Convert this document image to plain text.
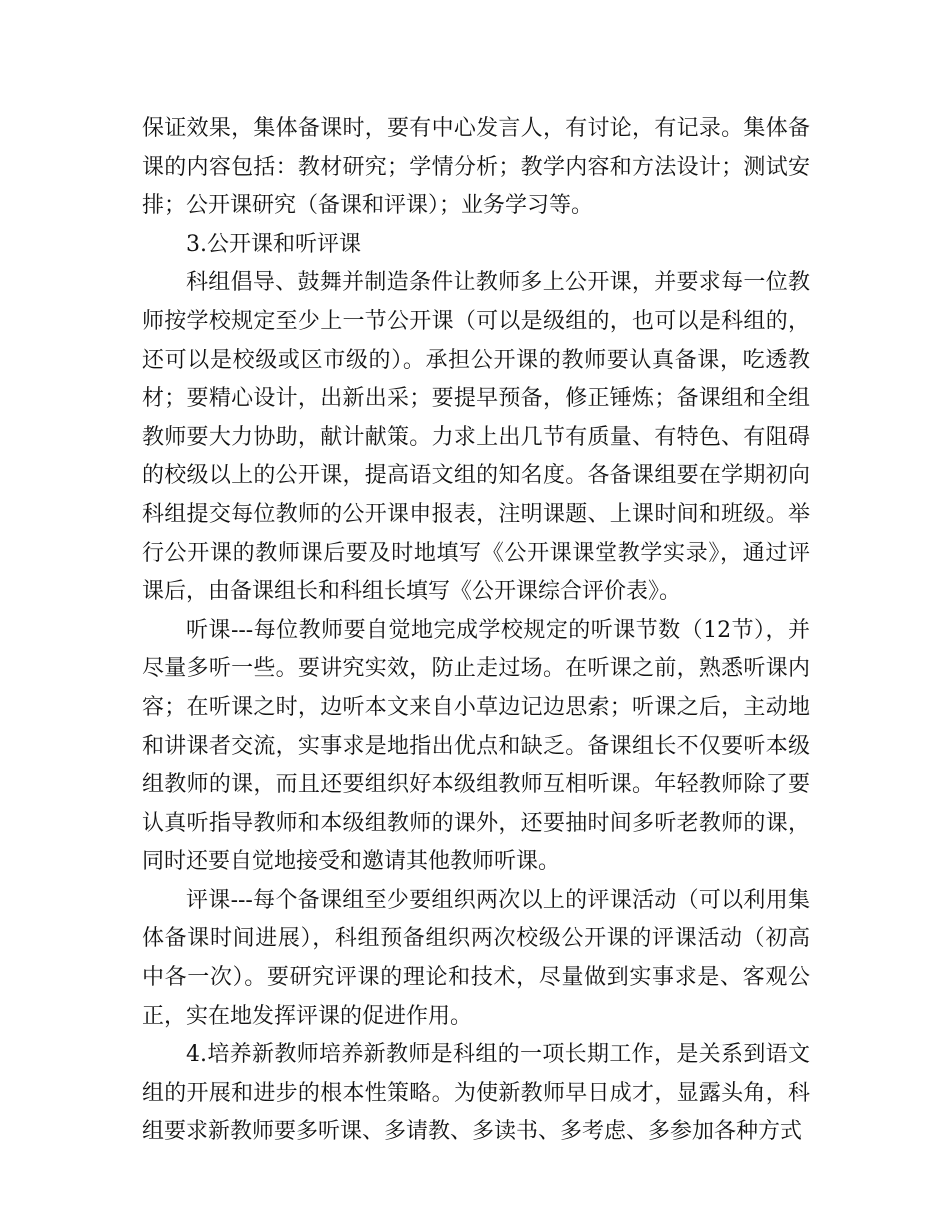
保证效果，集体备课时，要有中心发言人，有讨论，有记录。集体备课的内容包括：教材研究；学情分析；教学内容和方法设计；测试安排；公开课研究（备课和评课）；业务学习等。

3.公开课和听评课

科组倡导、鼓舞并制造条件让教师多上公开课，并要求每一位教师按学校规定至少上一节公开课（可以是级组的，也可以是科组的，还可以是校级或区市级的）。承担公开课的教师要认真备课，吃透教材；要精心设计，出新出采；要提早预备，修正锤炼；备课组和全组教师要大力协助，献计献策。力求上出几节有质量、有特色、有阻碍的校级以上的公开课，提高语文组的知名度。各备课组要在学期初向科组提交每位教师的公开课申报表，注明课题、上课时间和班级。举行公开课的教师课后要及时地填写《公开课课堂教学实录》，通过评课后，由备课组长和科组长填写《公开课综合评价表》。

听课---每位教师要自觉地完成学校规定的听课节数（12节），并尽量多听一些。要讲究实效，防止走过场。在听课之前，熟悉听课内容；在听课之时，边听本文来自小草边记边思索；听课之后，主动地和讲课者交流，实事求是地指出优点和缺乏。备课组长不仅要听本级组教师的课，而且还要组织好本级组教师互相听课。年轻教师除了要认真听指导教师和本级组教师的课外，还要抽时间多听老教师的课，同时还要自觉地接受和邀请其他教师听课。

评课---每个备课组至少要组织两次以上的评课活动（可以利用集体备课时间进展），科组预备组织两次校级公开课的评课活动（初高中各一次）。要研究评课的理论和技术，尽量做到实事求是、客观公正，实在地发挥评课的促进作用。

4.培养新教师培养新教师是科组的一项长期工作，是关系到语文组的开展和进步的根本性策略。为使新教师早日成才，显露头角，科组要求新教师要多听课、多请教、多读书、多考虑、多参加各种方式
